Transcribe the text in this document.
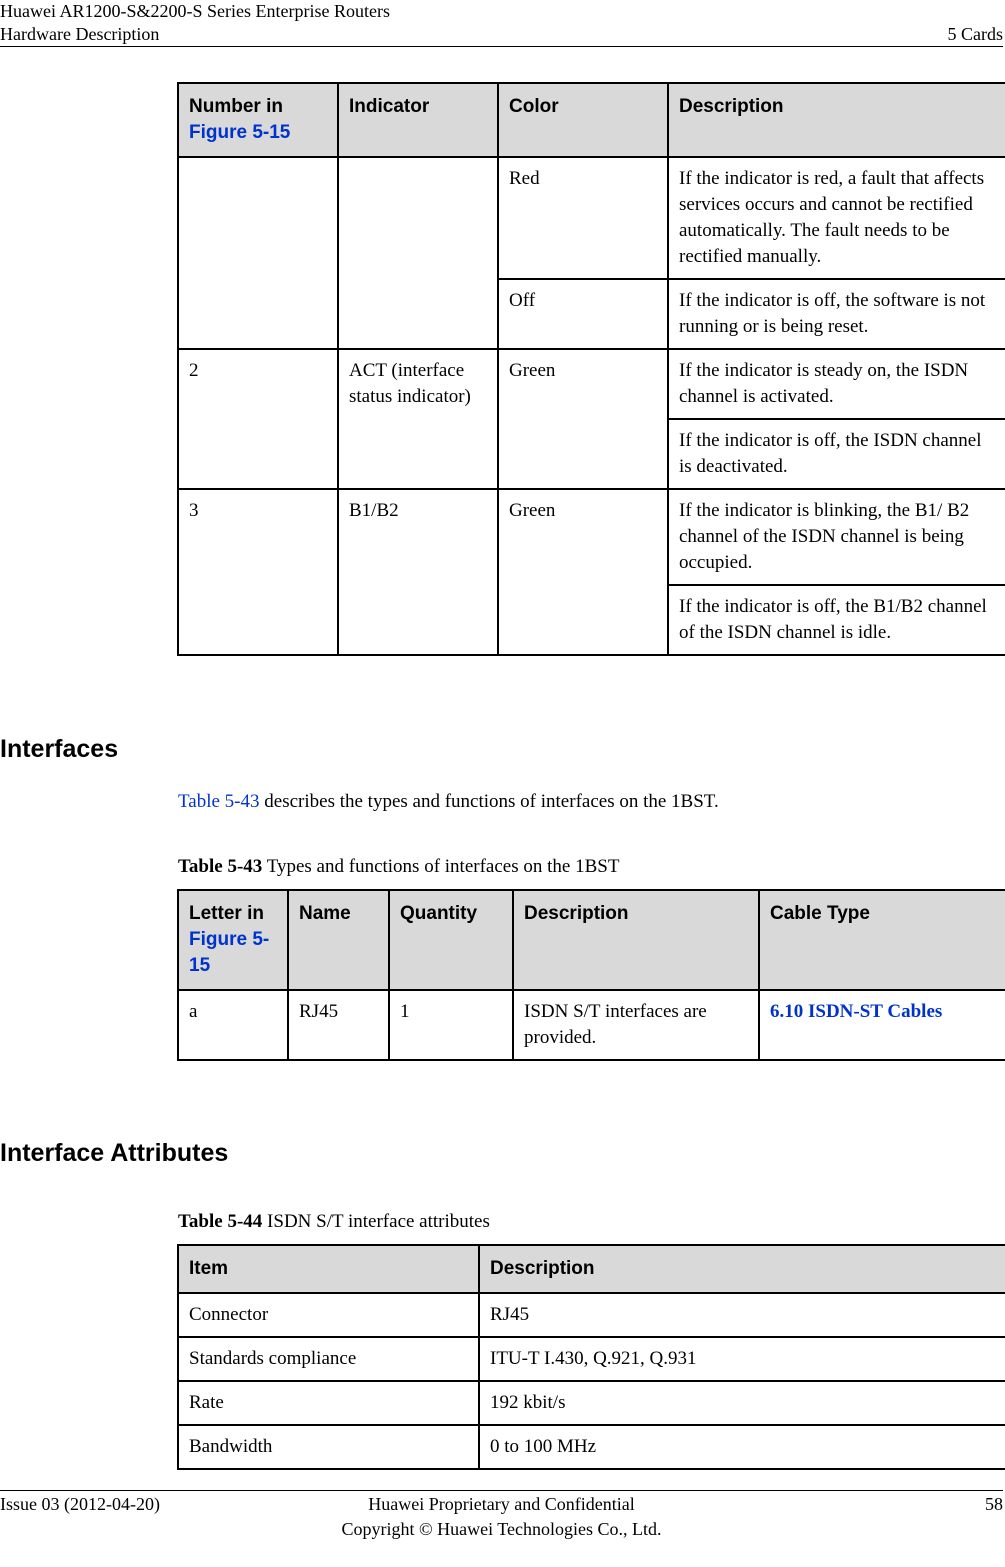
Huawei AR1200-S&2200-S Series Enterprise Routers
Hardware Description	5 Cards
Number in
Figure 5-15	Indicator	Color	Description
		Red	If the indicator is red, a fault that affects services occurs and cannot be rectified automatically. The fault needs to be rectified manually.
		Off	If the indicator is off, the software is not running or is being reset.
2	ACT (interface status indicator)	Green	If the indicator is steady on, the ISDN channel is activated.
			If the indicator is off, the ISDN channel is deactivated.
3	B1/B2	Green	If the indicator is blinking, the B1/ B2 channel of the ISDN channel is being occupied.
			If the indicator is off, the B1/B2 channel of the ISDN channel is idle.
Interfaces
Table 5-43 describes the types and functions of interfaces on the 1BST.
Table 5-43 Types and functions of interfaces on the 1BST
Letter in
Figure 5-15	Name	Quantity	Description	Cable Type
a	RJ45	1	ISDN S/T interfaces are provided.	6.10 ISDN-ST Cables
Interface Attributes
Table 5-44 ISDN S/T interface attributes
Item	Description
Connector	RJ45
Standards compliance	ITU-T I.430, Q.921, Q.931
Rate	192 kbit/s
Bandwidth	0 to 100 MHz
Issue 03 (2012-04-20)	Huawei Proprietary and Confidential
Copyright © Huawei Technologies Co., Ltd.
58
